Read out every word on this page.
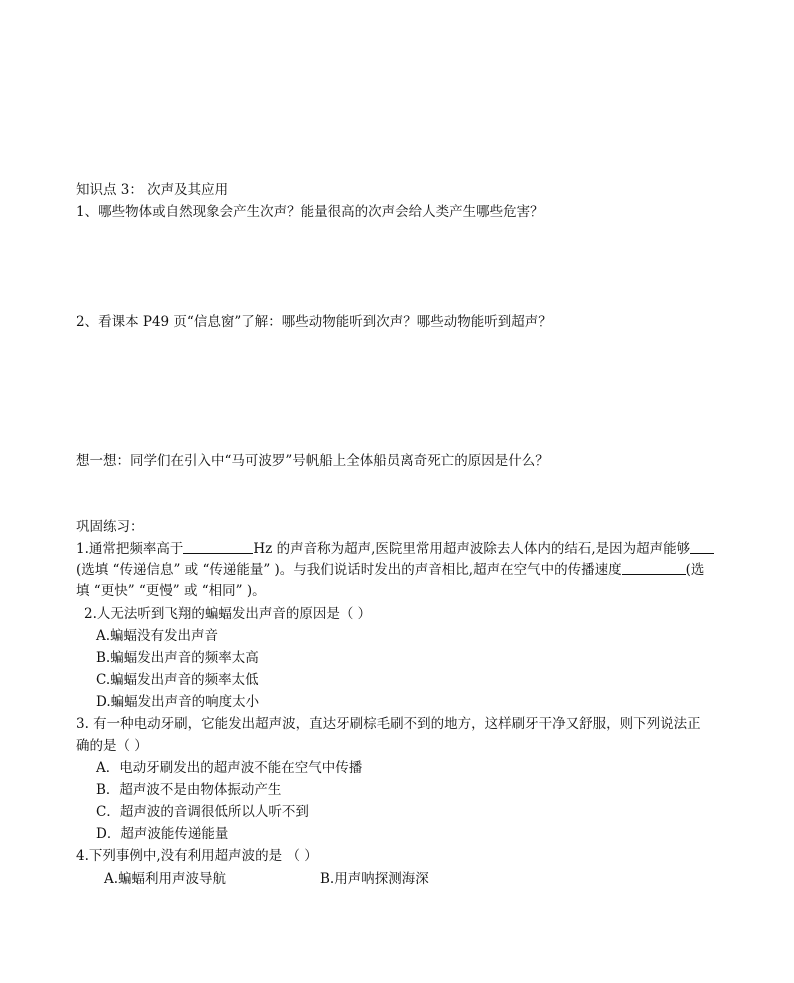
知识点 3： 次声及其应用
1、哪些物体或自然现象会产生次声？能量很高的次声会给人类产生哪些危害？
2、看课本 P49 页“信息窗”了解：哪些动物能听到次声？哪些动物能听到超声？
想一想：同学们在引入中“马可波罗”号帆船上全体船员离奇死亡的原因是什么？
巩固练习：
1.通常把频率高于	Hz 的声音称为超声,医院里常用超声波除去人体内的结石,是因为超声能够
(选填 “传递信息” 或 “传递能量” )。与我们说话时发出的声音相比,超声在空气中的传播速度	(选
填 “更快” “更慢” 或 “相同” )。
2.人无法听到飞翔的蝙蝠发出声音的原因是（ ）
A.蝙蝠没有发出声音
B.蝙蝠发出声音的频率太高
C.蝙蝠发出声音的频率太低
D.蝙蝠发出声音的响度太小
3. 有一种电动牙刷，它能发出超声波，直达牙刷棕毛刷不到的地方，这样刷牙干净又舒服，则下列说法正
确的是（ ）
A．电动牙刷发出的超声波不能在空气中传播
B．超声波不是由物体振动产生
C．超声波的音调很低所以人听不到
D．超声波能传递能量
4.下列事例中,没有利用超声波的是 （ ）
A.蝙蝠利用声波导航	B.用声呐探测海深
